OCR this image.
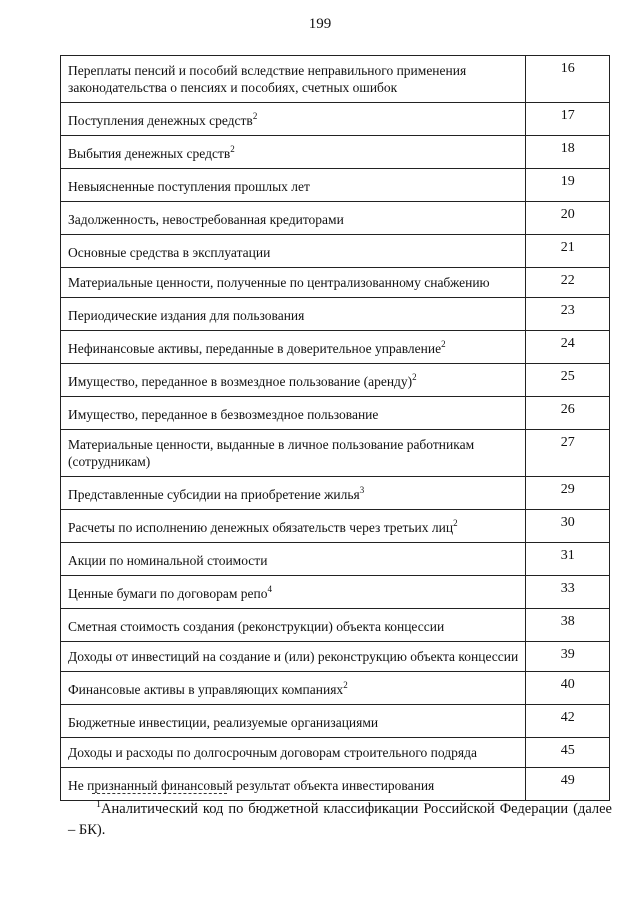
199
Переплаты пенсий и пособий вследствие неправильного применения законодательства о пенсиях и пособиях, счетных ошибок	16
Поступления денежных средств$^2$	17
Выбытия денежных средств$^2$	18
Невыясненные поступления прошлых лет	19
Задолженность, невостребованная кредиторами	20
Основные средства в эксплуатации	21
Материальные ценности, полученные по централизованному снабжению	22
Периодические издания для пользования	23
Нефинансовые активы, переданные в доверительное управление$^2$	24
Имущество, переданное в возмездное пользование (аренду)$^2$	25
Имущество, переданное в безвозмездное пользование	26
Материальные ценности, выданные в личное пользование работникам (сотрудникам)	27
Представленные субсидии на приобретение жилья$^3$	29
Расчеты по исполнению денежных обязательств через третьих лиц$^2$	30
Акции по номинальной стоимости	31
Ценные бумаги по договорам репо$^4$	33
Сметная стоимость создания (реконструкции) объекта концессии	38
Доходы от инвестиций на создание и (или) реконструкцию объекта концессии	39
Финансовые активы в управляющих компаниях$^2$	40
Бюджетные инвестиции, реализуемые организациями	42
Доходы и расходы по долгосрочным договорам строительного подряда	45
Не признанный финансовый результат объекта инвестирования	49
$^1$Аналитический код по бюджетной классификации Российской Федерации (далее – БК).
